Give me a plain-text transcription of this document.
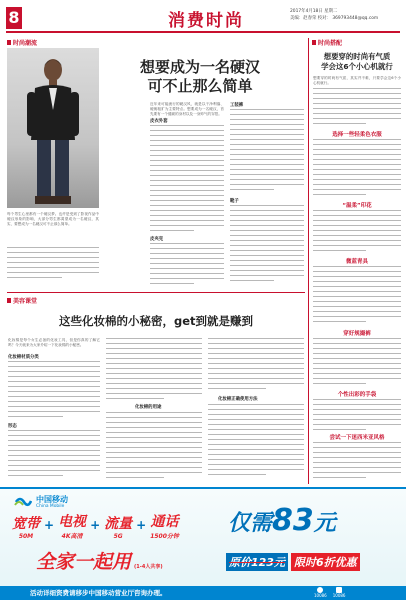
8	消费时尚	2017年4月18日 星期二
美编：赵春荣 校对： 369793448@qq.com
时尚潮流
想要成为一名硬汉
可不止那么简单
每个男生心里都有一个硬汉梦。也许是受到了影视作品中硬汉形象的影响，大部分男生都渴望成为一名硬汉，其实，要想成为一名硬汉可不止那么简单。
近年来可能流行的硬汉风，就是以干净利落、硬朗粗犷为主要特点。想要成为一名硬汉，首先要有一个健硕的身材以及一身帅气的穿搭。
皮衣外套
皮夹克
工装裤
靴子
时尚搭配
想要穿的时尚有气质
学会这6个小心机就行
想要穿的时尚有气质，其实并不难，只要学会这6个小心机就行。
选择一些轻柔色衣服
“温柔”印花
微蓝青具
穿好规撮裤
个性出彩的手袋
尝试一下迷西米亚风格
美容课堂
这些化妆棉的小秘密，get到就是赚到
化妆棉是每个女生必备的化妆工具，但是你真的了解它吗？今天就来为大家介绍一下化妆棉的小秘密。
化妆棉材质分类
形态
化妆棉的用途
化妆棉正确使用方法
中国移动
China Mobile
宽带
50M
+ 电视
4K高清
+ 流量
5G
+ 通话
1500分钟
仅需 83 元
全家一起用 (1-4人共享)	原价123元 限时6折优惠
活动详细资费请移步中国移动营业厅咨询办理。	10086 10086
